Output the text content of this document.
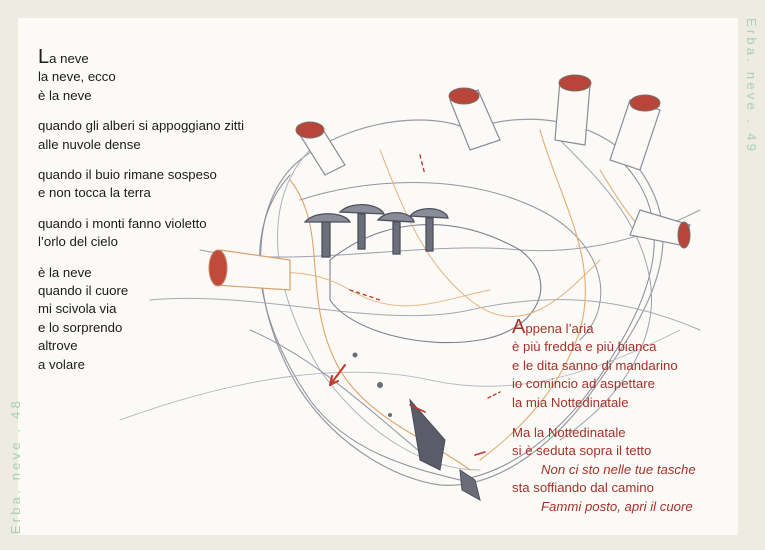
La neve
la neve, ecco
è la neve

quando gli alberi si appoggiano zitti
alle nuvole dense

quando il buio rimane sospeso
e non tocca la terra

quando i monti fanno violetto
l’orlo del cielo

è la neve
quando il cuore
mi scivola via
e lo sorprendo
altrove
a volare

Appena l’aria
è più fredda e più bianca
e le dita sanno di mandarino
io comincio ad aspettare
la mia Nottedinatale

Ma la Nottedinatale
si è seduta sopra il tetto

Non ci sto nelle tue tasche
sta soffiando dal camino

Fammi posto, apri il cuore

Erba. neve . 49
Erba. neve . 48
